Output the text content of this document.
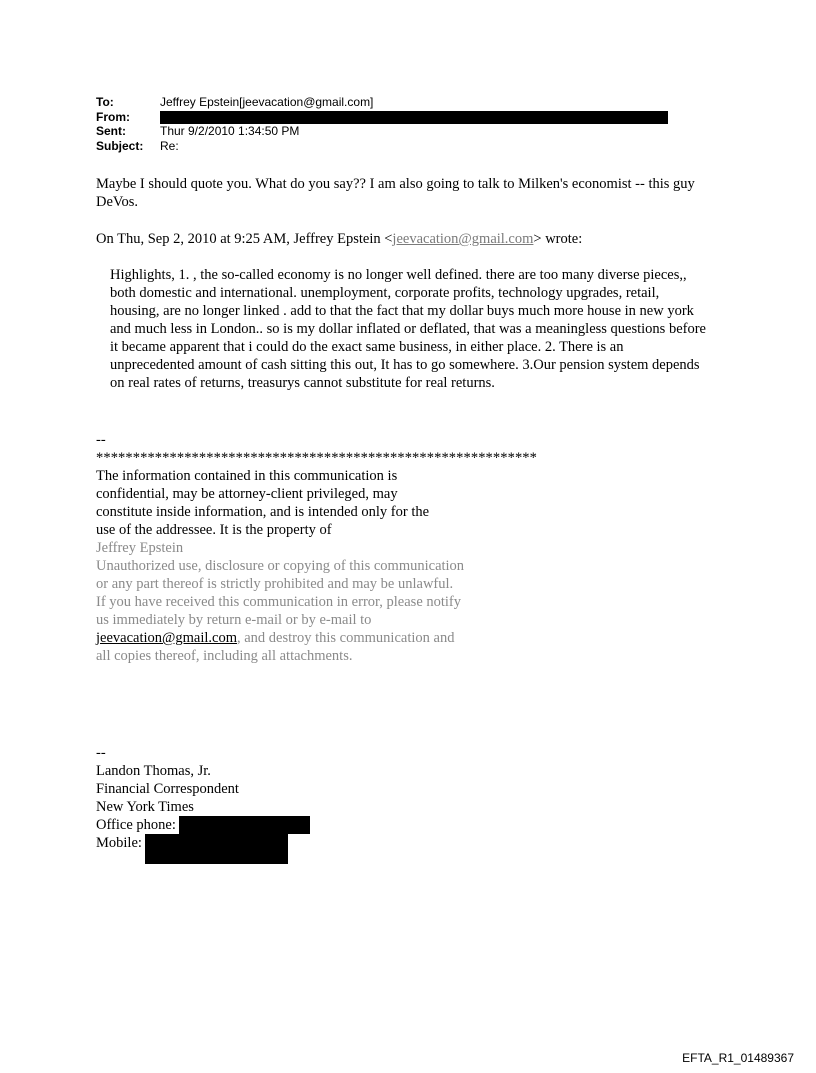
To:	Jeffrey Epstein[jeevacation@gmail.com]
From:
Sent:	Thur 9/2/2010 1:34:50 PM
Subject:	Re:

Maybe I should quote you. What do you say?? I am also going to talk to Milken's economist -- this guy DeVos.

On Thu, Sep 2, 2010 at 9:25 AM, Jeffrey Epstein <jeevacation@gmail.com> wrote:

Highlights, 1. , the so-called economy is no longer well defined. there are too many diverse pieces,, both domestic and international. unemployment, corporate profits, technology upgrades, retail, housing, are no longer linked . add to that the fact that my dollar buys much more house in new york and much less in London.. so is my dollar inflated or deflated, that was a meaningless questions before it became apparent that i could do the exact same business, in either place. 2. There is an unprecedented amount of cash sitting this out, It has to go somewhere. 3.Our pension system depends on real rates of returns, treasurys cannot substitute for real returns.

--
************************************************************
The information contained in this communication is confidential, may be attorney-client privileged, may constitute inside information, and is intended only for the use of the addressee. It is the property of
Jeffrey Epstein
Unauthorized use, disclosure or copying of this communication or any part thereof is strictly prohibited and may be unlawful. If you have received this communication in error, please notify us immediately by return e-mail or by e-mail to jeevacation@gmail.com, and destroy this communication and all copies thereof, including all attachments.
--
Landon Thomas, Jr.
Financial Correspondent
New York Times
Office phone:
Mobile:
EFTA_R1_01489367
